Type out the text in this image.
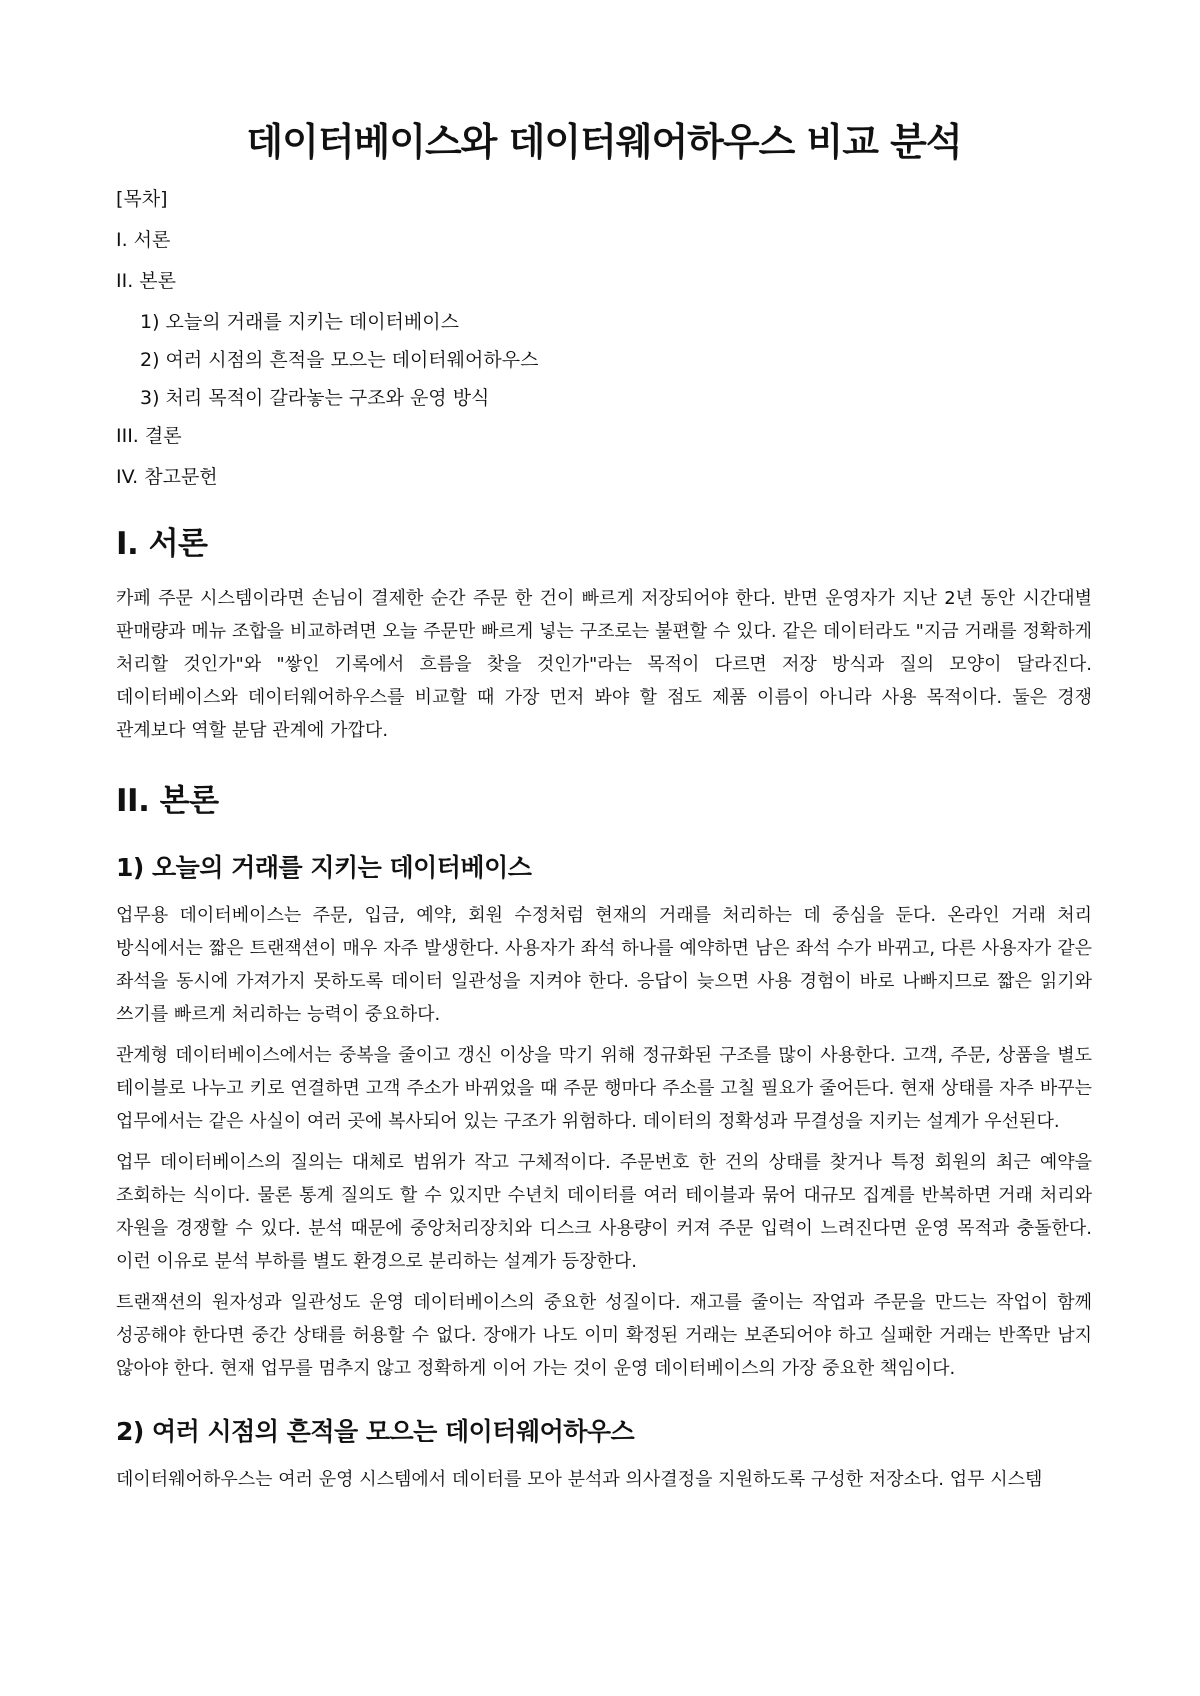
데이터베이스와 데이터웨어하우스 비교 분석
[목차]
I. 서론
II. 본론
1) 오늘의 거래를 지키는 데이터베이스
2) 여러 시점의 흔적을 모으는 데이터웨어하우스
3) 처리 목적이 갈라놓는 구조와 운영 방식
III. 결론
IV. 참고문헌
I. 서론

카페 주문 시스템이라면 손님이 결제한 순간 주문 한 건이 빠르게 저장되어야 한다. 반면 운영자가 지난 2년 동안 시간대별 판매량과 메뉴 조합을 비교하려면 오늘 주문만 빠르게 넣는 구조로는 불편할 수 있다. 같은 데이터라도 "지금 거래를 정확하게 처리할 것인가"와 "쌓인 기록에서 흐름을 찾을 것인가"라는 목적이 다르면 저장 방식과 질의 모양이 달라진다. 데이터베이스와 데이터웨어하우스를 비교할 때 가장 먼저 봐야 할 점도 제품 이름이 아니라 사용 목적이다. 둘은 경쟁 관계보다 역할 분담 관계에 가깝다.

II. 본론
1) 오늘의 거래를 지키는 데이터베이스

업무용 데이터베이스는 주문, 입금, 예약, 회원 수정처럼 현재의 거래를 처리하는 데 중심을 둔다. 온라인 거래 처리 방식에서는 짧은 트랜잭션이 매우 자주 발생한다. 사용자가 좌석 하나를 예약하면 남은 좌석 수가 바뀌고, 다른 사용자가 같은 좌석을 동시에 가져가지 못하도록 데이터 일관성을 지켜야 한다. 응답이 늦으면 사용 경험이 바로 나빠지므로 짧은 읽기와 쓰기를 빠르게 처리하는 능력이 중요하다.

관계형 데이터베이스에서는 중복을 줄이고 갱신 이상을 막기 위해 정규화된 구조를 많이 사용한다. 고객, 주문, 상품을 별도 테이블로 나누고 키로 연결하면 고객 주소가 바뀌었을 때 주문 행마다 주소를 고칠 필요가 줄어든다. 현재 상태를 자주 바꾸는 업무에서는 같은 사실이 여러 곳에 복사되어 있는 구조가 위험하다. 데이터의 정확성과 무결성을 지키는 설계가 우선된다.

업무 데이터베이스의 질의는 대체로 범위가 작고 구체적이다. 주문번호 한 건의 상태를 찾거나 특정 회원의 최근 예약을 조회하는 식이다. 물론 통계 질의도 할 수 있지만 수년치 데이터를 여러 테이블과 묶어 대규모 집계를 반복하면 거래 처리와 자원을 경쟁할 수 있다. 분석 때문에 중앙처리장치와 디스크 사용량이 커져 주문 입력이 느려진다면 운영 목적과 충돌한다. 이런 이유로 분석 부하를 별도 환경으로 분리하는 설계가 등장한다.

트랜잭션의 원자성과 일관성도 운영 데이터베이스의 중요한 성질이다. 재고를 줄이는 작업과 주문을 만드는 작업이 함께 성공해야 한다면 중간 상태를 허용할 수 없다. 장애가 나도 이미 확정된 거래는 보존되어야 하고 실패한 거래는 반쪽만 남지 않아야 한다. 현재 업무를 멈추지 않고 정확하게 이어 가는 것이 운영 데이터베이스의 가장 중요한 책임이다.

2) 여러 시점의 흔적을 모으는 데이터웨어하우스

데이터웨어하우스는 여러 운영 시스템에서 데이터를 모아 분석과 의사결정을 지원하도록 구성한 저장소다. 업무 시스템
